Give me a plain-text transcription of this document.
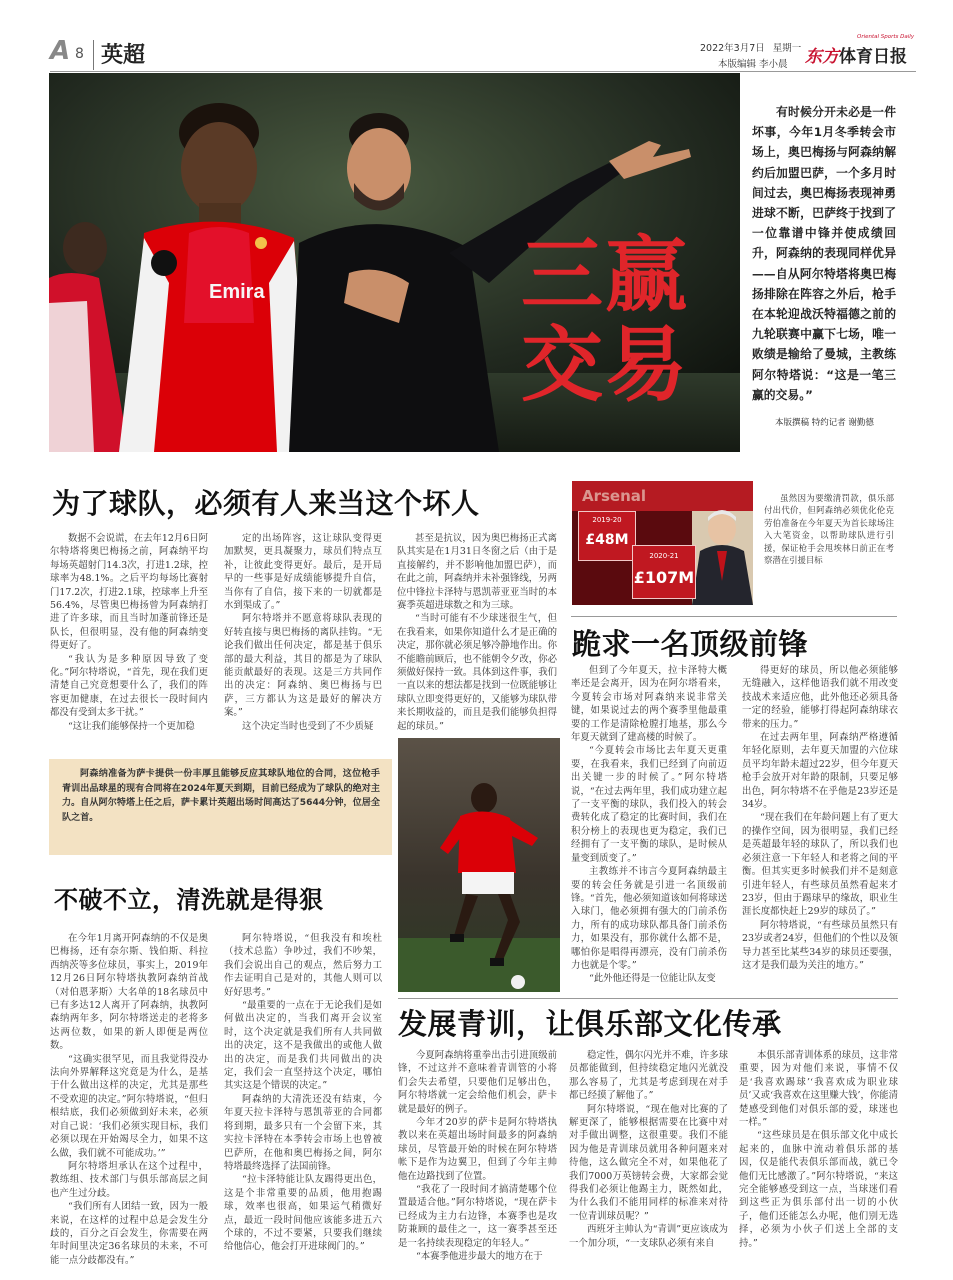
A 8 英超	2022年3月7日 星期一
本版编辑 李小晨
Oriental Sports Daily
东方体育日报
Emira	三赢
交易
有时候分开未必是一件坏事，今年1月冬季转会市场上，奥巴梅扬与阿森纳解约后加盟巴萨，一个多月时间过去，奥巴梅扬表现神勇进球不断，巴萨终于找到了一位靠谱中锋并使成绩回升，阿森纳的表现同样优异——自从阿尔特塔将奥巴梅扬排除在阵容之外后，枪手在本轮迎战沃特福德之前的九轮联赛中赢下七场，唯一败绩是输给了曼城，主教练阿尔特塔说：“这是一笔三赢的交易。”
本版撰稿 特约记者 谢勤德
为了球队，必须有人来当这个坏人
数据不会说谎，在去年12月6日阿尔特塔将奥巴梅扬之前，阿森纳平均每场英超射门14.3次，打进1.2球，控球率为48.1%。之后平均每场比赛射门17.2次，打进2.1球，控球率上升至56.4%，尽管奥巴梅扬曾为阿森纳打进了许多球，而且当时加蓬前锋还是队长，但很明显，没有他的阿森纳变得更好了。
“我认为是多种原因导致了变化。”阿尔特塔说，“首先，现在我们更清楚自己究竟想要什么了，我们的阵容更加健康，在过去很长一段时间内都没有受到太多干扰。”
“这让我们能够保持一个更加稳
定的出场阵容，这让球队变得更加默契，更具凝聚力，球员们特点互补，让彼此变得更好。最后，是开局早的一些事是好成绩能够提升自信，当你有了自信，接下来的一切就都是水到渠成了。”
阿尔特塔并不愿意将球队表现的好转直接与奥巴梅扬的离队挂钩。“无论我们做出任何决定，都是基于俱乐部的最大利益，其目的都是为了球队能贡献最好的表现。这是三方共同作出的决定：阿森纳、奥巴梅扬与巴萨，三方都认为这是最好的解决方案。”
这个决定当时也受到了不少质疑
甚至是抗议，因为奥巴梅扬正式离队其实是在1月31日冬窗之后（由于是直接解约，并不影响他加盟巴萨），而在此之前，阿森纳并未补强锋线，另两位中锋拉卡泽特与恩凯蒂亚亚当时的本赛季英超进球数之和为三球。
“当时可能有不少球迷很生气，但在我看来，如果你知道什么才是正确的决定，那你就必须足够冷静地作出。你不能瞻前顾后，也不能朝令夕改，你必须做好保持一致。具体到这件事，我们一直以来的想法都是找到一位既能够让球队立即变得更好的，又能够为球队带来长期收益的，而且是我们能够负担得起的球员。”
Arsenal
2019-20
£48M
2020-21
£107M
虽然因为要缴清罚款，俱乐部付出代价，但阿森纳必须优化伦克劳伯准备在今年夏天为首长球场注入大笔资金，以帮助球队进行引援，保证枪手会甩埃林日前正在考察潜在引援目标
跪求一名顶级前锋
但到了今年夏天，拉卡泽特大概率还是会离开，因为在阿尔塔看来，今夏转会市场对阿森纳来说非常关键，如果说过去的两个赛季里他最重要的工作是清除枪膛打地基，那么今年夏天就到了建高楼的时候了。
“今夏转会市场比去年夏天更重要，在我看来，我们已经到了向前迈出关键一步的时候了。”阿尔特塔说，“在过去两年里，我们成功建立起了一支平衡的球队，我们投入的转会费转化成了稳定的比赛时间，我们在积分榜上的表现也更为稳定，我们已经拥有了一支平衡的球队，是时候从量变到质变了。”
主教练并不讳言今夏阿森纳最主要的转会任务就是引进一名顶级前锋。“首先，他必须知道该如何将球送入球门，他必须拥有强大的门前杀伤力，所有的成功球队都具备门前杀伤力，如果没有，那你就什么都不是，哪怕你是唱得再漂亮，没有门前杀伤力也就是个零。”
“此外他还得是一位能让队友变
得更好的球员，所以他必须能够无缝融入，这样他语我们就不用改变技战术来适应他，此外他还必须具备一定的经验，能够打得起阿森纳球衣带来的压力。”
在过去两年里，阿森纳严格遵循年轻化原则，去年夏天加盟的六位球员平均年龄未超过22岁，但今年夏天枪手会放开对年龄的限制，只要足够出色，阿尔特塔不在乎他是23岁还是34岁。
“现在我们在年龄问题上有了更大的操作空间，因为很明显，我们已经是英超最年轻的球队了，所以我们也必须注意一下年轻人和老将之间的平衡。但其实更多时候我们并不是刻意引进年轻人，有些球员虽然看起来才23岁，但由于踢球早的缘故，职业生涯长度都快赶上29岁的球员了。”
阿尔特塔说，“有些球员虽然只有23岁或者24岁，但他们的个性以及领导力甚至比某些34岁的球员还要强，这才是我们最为关注的地方。”
阿森纳准备为萨卡提供一份丰厚且能够反应其球队地位的合同，这位枪手青训出品球星的现有合同将在2024年夏天到期，目前已经成为了球队的绝对主力。自从阿尔特塔上任之后，萨卡累计英超出场时间高达了5644分钟，位居全队之首。
不破不立，清洗就是得狠
在今年1月离开阿森纳的不仅是奥巴梅扬，还有奈尔斯、钱伯斯、科拉西纳茨等多位球员，事实上，2019年12月26日阿尔特塔执教阿森纳首战（对伯恩茅斯）大名单的18名球员中已有多达12人离开了阿森纳，执教阿森纳两年多，阿尔特塔送走的老将多达两位数，如果的新人即便是两位数。
“这确实很罕见，而且我觉得没办法向外界解释这究竟是为什么，是基于什么做出这样的决定，尤其是那些不受欢迎的决定。”阿尔特塔说，“但归根结底，我们必须做到好未来，必须对自己说：‘我们必须实现目标，我们必须以现在开始竭尽全力，如果不这么做，我们就不可能成功。’”
阿尔特塔坦承认在这个过程中，教练组、技术部门与俱乐部高层之间也产生过分歧。
“我们所有人团结一致，因为一般来说，在这样的过程中总是会发生分歧的，百分之百会发生，你需要在两年时间里决定36名球员的未来，不可能一点分歧都没有。”
阿尔特塔说，“但我没有和埃杜（技术总监）争吵过，我们不吵架，我们会说出自己的观点，然后努力工作去证明自己是对的，其他人则可以好好思考。”
“最重要的一点在于无论我们是如何做出决定的，当我们离开会议室时，这个决定就是我们所有人共同做出的决定，这不是我做出的或他人做出的决定，而是我们共同做出的决定，我们会一直坚持这个决定，哪怕其实这是个错误的决定。”
阿森纳的大清洗还没有结束，今年夏天拉卡泽特与恩凯蒂亚的合同都将到期，最多只有一个会留下来，其实拉卡泽特在本季转会市场上也曾被巴萨所，在他和奥巴梅扬之间，阿尔特塔最终选择了法国前锋。
“拉卡泽特能让队友踢得更出色，这是个非常重要的品质，他用抱踢球，效率也很高，如果运气稍微好点，最近一段时间他应该能多进五六个球的，不过不要紧，只要我们继续给他信心，他会打开进球阀门的。”
发展青训，让俱乐部文化传承
今夏阿森纳将重拳出击引进顶级前锋，不过这并不意味着青训管的小将们会失去希望，只要他们足够出色，阿尔特塔就一定会给他们机会，萨卡就是最好的例子。
今年才20岁的萨卡是阿尔特塔执教以来在英超出场时间最多的阿森纳球员，尽管最开始的时候在阿尔特塔帐下是作为边翼卫，但到了今年主帅他在边路找到了位置。
“我花了一段时间才搞清楚哪个位置最适合他。”阿尔特塔说，“现在萨卡已经成为主力右边锋，本赛季也是攻防兼顾的最佳之一，这一赛季甚至还是一名持续表现稳定的年轻人。”
“本赛季他进步最大的地方在于
稳定性，偶尔闪光并不难，许多球员都能做到，但持续稳定地闪光就没那么容易了，尤其是考虑到现在对手都已经摸了解他了。”
阿尔特塔说，“现在他对比赛的了解更深了，能够根据需要在比赛中对对手做出调整，这很重要。我们不能因为他是青训球员就用各种问题来对待他，这么做完全不对，如果他花了我们7000万英镑转会费，大家都会觉得我们必须让他踢主力，既然如此，为什么我们不能用同样的标准来对待一位青训球员呢？”
西班牙主帅认为“青训”更应该成为一个加分项，“一支球队必须有来自
本俱乐部青训体系的球员，这非常重要，因为对他们来说，事情不仅是‘我喜欢踢球’‘我喜欢成为职业球员’又或‘我喜欢在这里赚大钱’，你能清楚感受到他们对俱乐部的爱，球迷也一样。”
“这些球员是在俱乐部文化中成长起来的，血脉中流动着俱乐部的基因，仅是能代表俱乐部而战，就已令他们无比感激了。”阿尔特塔说，“来这完全能够感受到这一点，当球迷们看到这些正为俱乐部付出一切的小伙子，他们还能怎么办呢，他们别无选择，必须为小伙子们送上全部的支持。”
